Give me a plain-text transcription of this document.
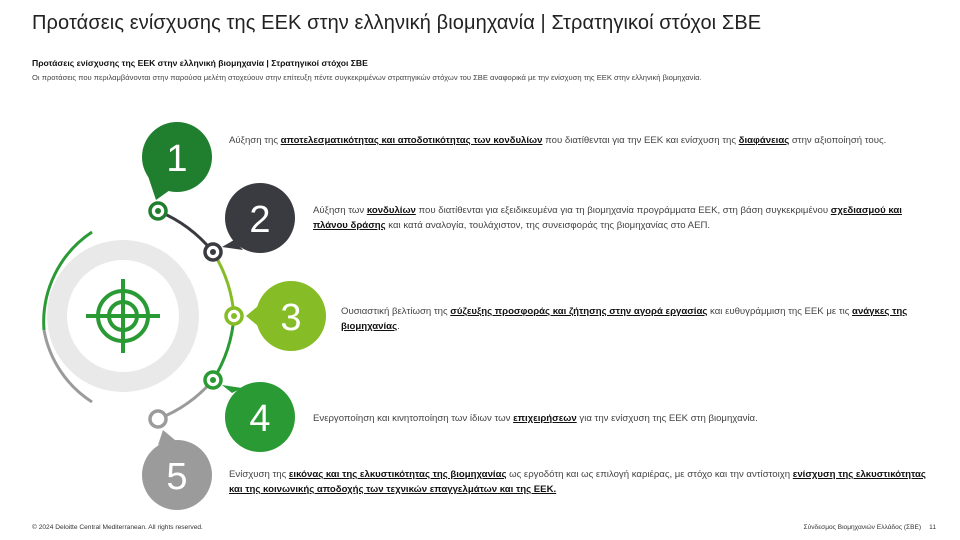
Προτάσεις ενίσχυσης της ΕΕΚ στην ελληνική βιομηχανία | Στρατηγικοί στόχοι ΣΒΕ
Προτάσεις ενίσχυσης της ΕΕΚ στην ελληνική βιομηχανία | Στρατηγικοί στόχοι ΣΒΕ
Οι προτάσεις που περιλαμβάνονται στην παρούσα μελέτη στοχεύουν στην επίτευξη πέντε συγκεκριμένων στρατηγικών στόχων του ΣΒΕ αναφορικά με την ενίσχυση της ΕΕΚ στην ελληνική βιομηχανία.
1
2
3
4
5
Αύξηση της αποτελεσματικότητας και αποδοτικότητας των κονδυλίων που διατίθενται για την ΕΕΚ και ενίσχυση της διαφάνειας στην αξιοποίησή τους.
Αύξηση των κονδυλίων που διατίθενται για εξειδικευμένα για τη βιομηχανία προγράμματα ΕΕΚ, στη βάση συγκεκριμένου σχεδιασμού και πλάνου δράσης και κατά αναλογία, τουλάχιστον, της συνεισφοράς της βιομηχανίας στο ΑΕΠ.
Ουσιαστική βελτίωση της σύζευξης προσφοράς και ζήτησης στην αγορά εργασίας και ευθυγράμμιση της ΕΕΚ με τις ανάγκες της βιομηχανίας.
Ενεργοποίηση και κινητοποίηση των ίδιων των επιχειρήσεων για την ενίσχυση της ΕΕΚ στη βιομηχανία.
Ενίσχυση της εικόνας και της ελκυστικότητας της βιομηχανίας ως εργοδότη και ως επιλογή καριέρας, με στόχο και την αντίστοιχη ενίσχυση της ελκυστικότητας και της κοινωνικής αποδοχής των τεχνικών επαγγελμάτων και της ΕΕΚ.
© 2024 Deloitte Central Mediterranean. All rights reserved.	Σύνδεσμος Βιομηχανιών Ελλάδος (ΣΒΕ) 11
